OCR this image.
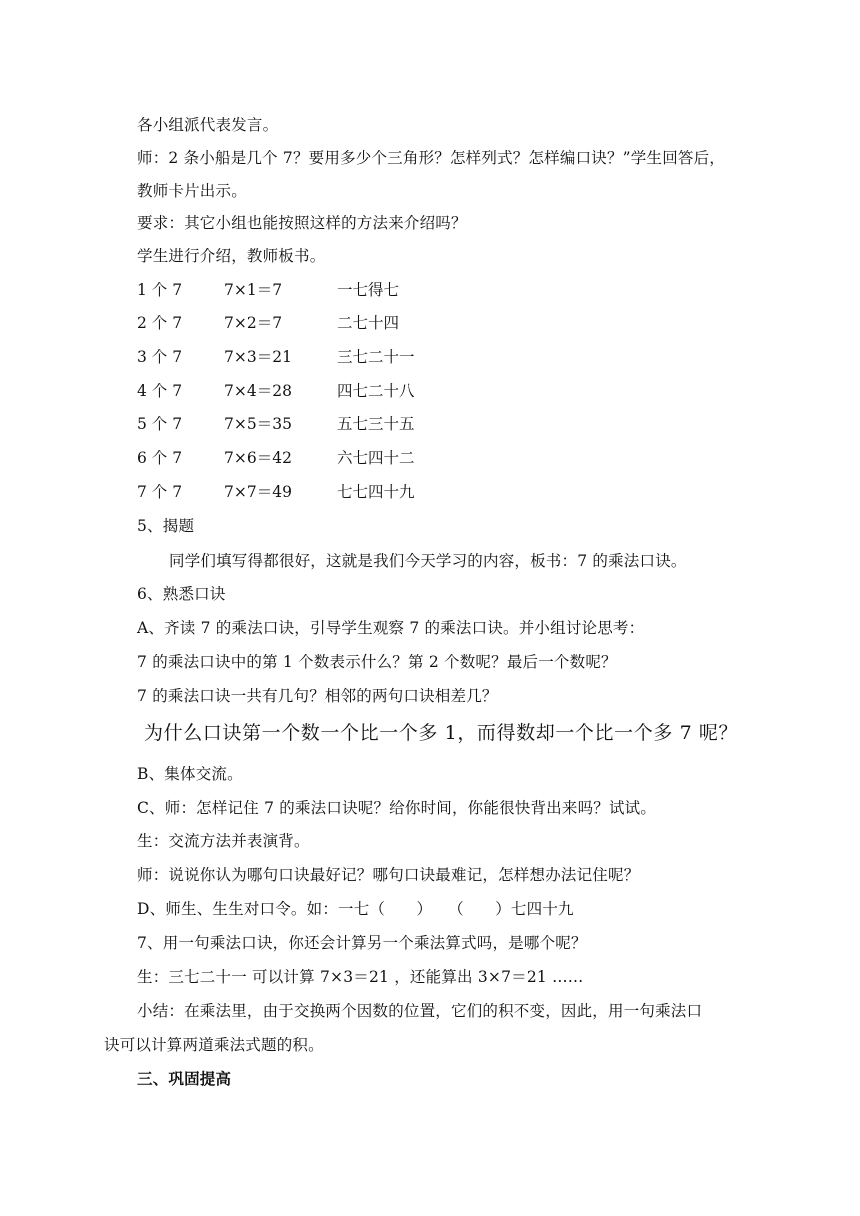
各小组派代表发言。
师：2 条小船是几个 7？要用多少个三角形？怎样列式？怎样编口诀？”学生回答后，
教师卡片出示。
要求：其它小组也能按照这样的方法来介绍吗？
学生进行介绍，教师板书。
1 个 7	7×1＝7	一七得七
2 个 7	7×2＝7	二七十四
3 个 7	7×3＝21	三七二十一
4 个 7	7×4＝28	四七二十八
5 个 7	7×5＝35	五七三十五
6 个 7	7×6＝42	六七四十二
7 个 7	7×7＝49	七七四十九
5、揭题
同学们填写得都很好，这就是我们今天学习的内容，板书：7 的乘法口诀。
6、熟悉口诀
A、齐读 7 的乘法口诀，引导学生观察 7 的乘法口诀。并小组讨论思考：
7 的乘法口诀中的第 1 个数表示什么？第 2 个数呢？最后一个数呢？
7 的乘法口诀一共有几句？相邻的两句口诀相差几？
为什么口诀第一个数一个比一个多 1，而得数却一个比一个多 7 呢？
B、集体交流。
C、师：怎样记住 7 的乘法口诀呢？给你时间，你能很快背出来吗？试试。
生：交流方法并表演背。
师：说说你认为哪句口诀最好记？哪句口诀最难记，怎样想办法记住呢？
D、师生、生生对口令。如：一七（　　）　　（　　）七四十九
7、用一句乘法口诀，你还会计算另一个乘法算式吗，是哪个呢？
生：三七二十一 可以计算 7×3＝21 ，还能算出 3×7＝21 ……
小结：在乘法里，由于交换两个因数的位置，它们的积不变，因此，用一句乘法口
诀可以计算两道乘法式题的积。
三、巩固提高
